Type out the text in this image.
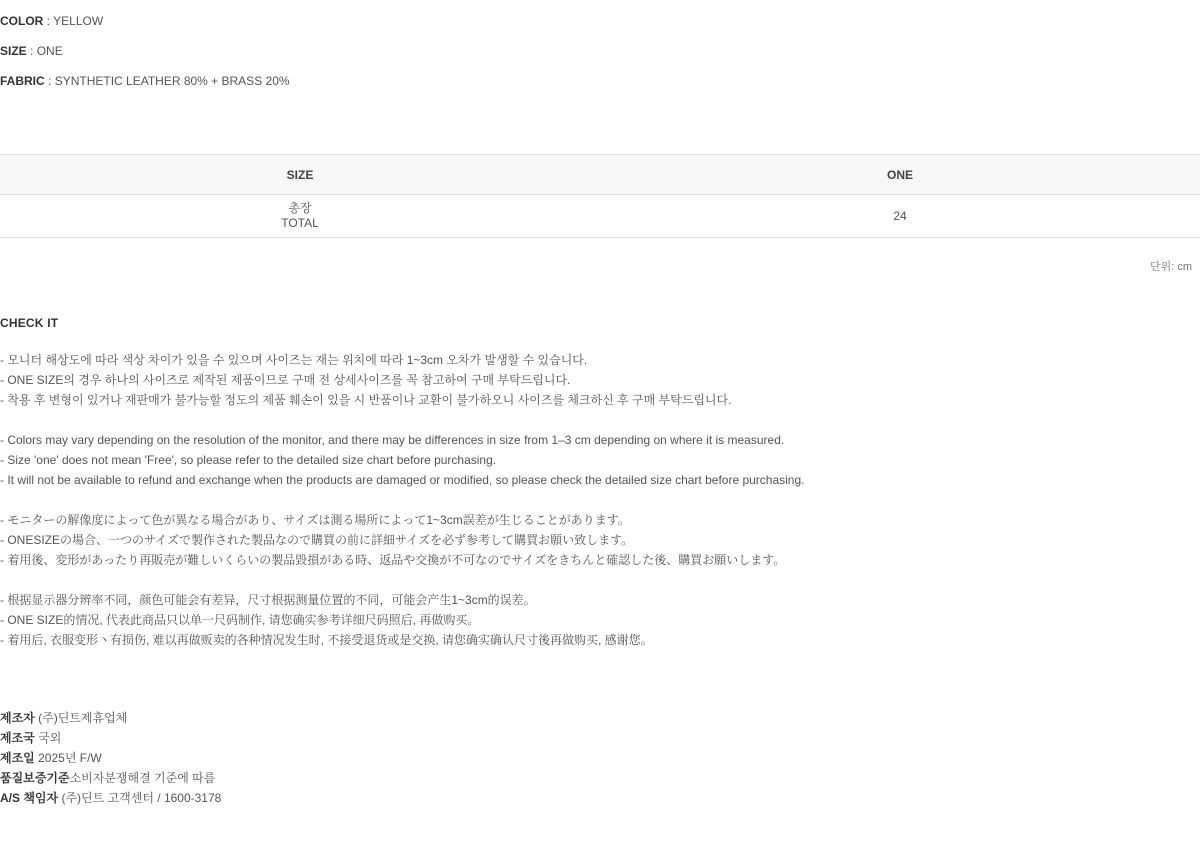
COLOR : YELLOW
SIZE : ONE
FABRIC : SYNTHETIC LEATHER 80% + BRASS 20%
SIZE	ONE

총장
TOTAL	24
단위: cm
CHECK IT
- 모니터 해상도에 따라 색상 차이가 있을 수 있으며 사이즈는 재는 위치에 따라 1~3cm 오차가 발생할 수 있습니다.
- ONE SIZE의 경우 하나의 사이즈로 제작된 제품이므로 구매 전 상세사이즈를 꼭 참고하여 구매 부탁드립니다.
- 착용 후 변형이 있거나 재판매가 불가능할 정도의 제품 훼손이 있을 시 반품이나 교환이 불가하오니 사이즈를 체크하신 후 구매 부탁드립니다.
- Colors may vary depending on the resolution of the monitor, and there may be differences in size from 1–3 cm depending on where it is measured.
- Size 'one' does not mean 'Free', so please refer to the detailed size chart before purchasing.
- It will not be available to refund and exchange when the products are damaged or modified, so please check the detailed size chart before purchasing.
- モニターの解像度によって色が異なる場合があり、サイズは測る場所によって1~3cm誤差が生じることがあります。
- ONESIZEの場合、一つのサイズで製作された製品なので購買の前に詳細サイズを必ず参考して購買お願い致します。
- 着用後、変形があったり再販売が難しいくらいの製品毀損がある時、返品や交換が不可なのでサイズをきちんと確認した後、購買お願いします。
- 根据显示器分辨率不同，颜色可能会有差异，尺寸根据测量位置的不同，可能会产生1~3cm的误差。
- ONE SIZE的情况, 代表此商品只以单一尺码制作, 请您确实参考详细尺码照后, 再做购买。
- 着用后, 衣服变形丶有损伤, 难以再做贩卖的各种情况发生时, 不接受退货或是交换, 请您确实确认尺寸後再做购买, 感谢您。
제조자 (주)딘트제휴업체
제조국 국외
제조일 2025년 F/W
품질보증기준소비자분쟁해결 기준에 따름
A/S 책임자 (주)딘트 고객센터 / 1600-3178
